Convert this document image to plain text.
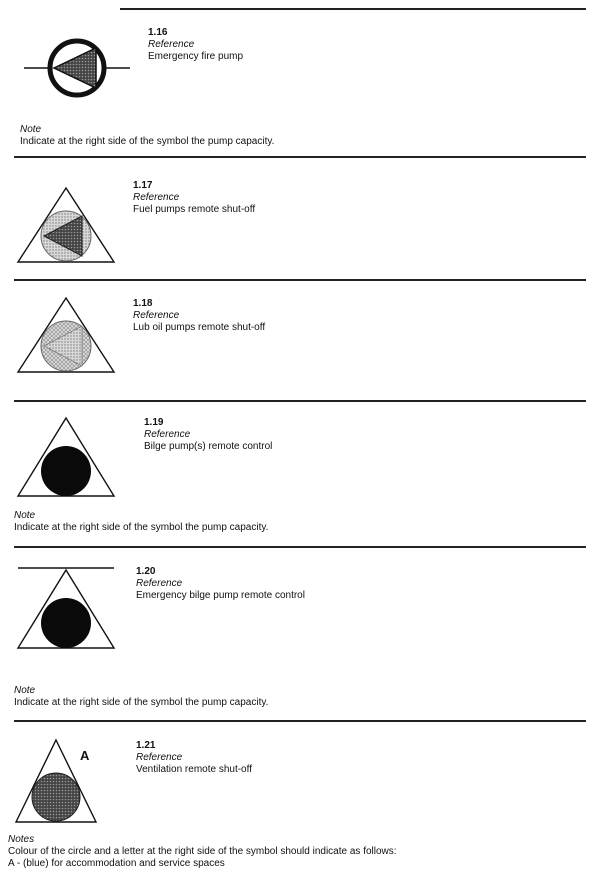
1.16
Reference
Emergency fire pump
Note
Indicate at the right side of the symbol the pump capacity.
1.17
Reference
Fuel pumps remote shut-off
1.18
Reference
Lub oil pumps remote shut-off
1.19
Reference
Bilge pump(s) remote control
Note
Indicate at the right side of the symbol the pump capacity.
1.20
Reference
Emergency bilge pump remote control
Note
Indicate at the right side of the symbol the pump capacity.
A
1.21
Reference
Ventilation remote shut-off
Notes
Colour of the circle and a letter at the right side of the symbol should indicate as follows:
A - (blue) for accommodation and service spaces
